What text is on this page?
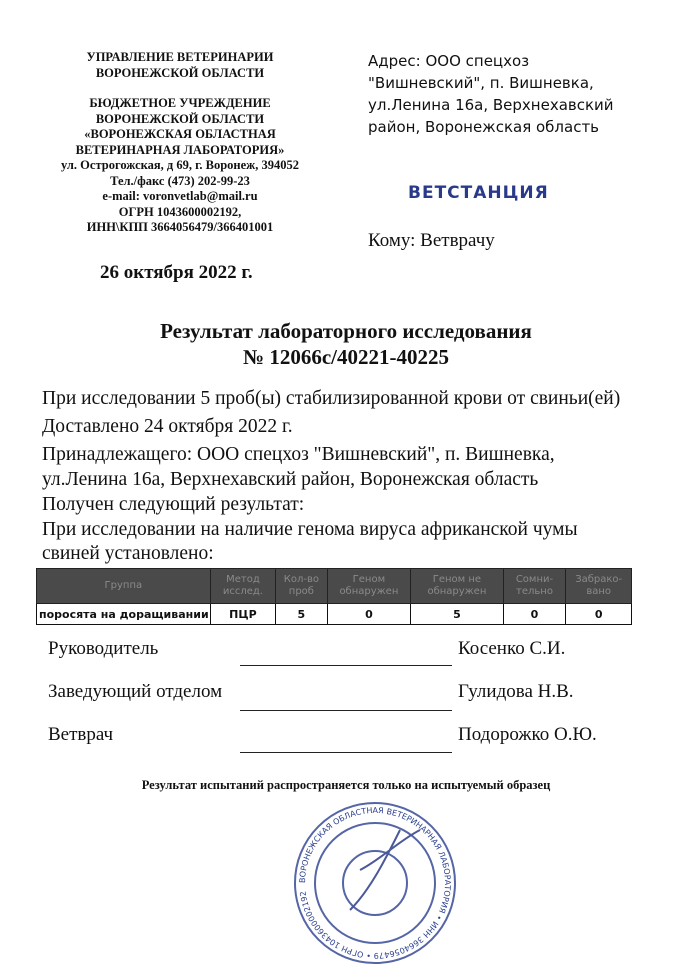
УПРАВЛЕНИЕ ВЕТЕРИНАРИИ
ВОРОНЕЖСКОЙ ОБЛАСТИ
БЮДЖЕТНОЕ УЧРЕЖДЕНИЕ
ВОРОНЕЖСКОЙ ОБЛАСТИ
«ВОРОНЕЖСКАЯ ОБЛАСТНАЯ
ВЕТЕРИНАРНАЯ ЛАБОРАТОРИЯ»
ул. Острогожская, д 69, г. Воронеж, 394052
Тел./факс (473) 202-99-23
e-mail: voronvetlab@mail.ru
ОГРН 1043600002192,
ИНН\КПП 3664056479/366401001
Адрес: ООО спецхоз
"Вишневский", п. Вишневка,
ул.Ленина 16а, Верхнехавский
район, Воронежская область
ВЕТСТАНЦИЯ
Кому: Ветврачу
26 октября 2022 г.
Результат лабораторного исследования
№ 12066с/40221-40225
При исследовании 5 проб(ы) стабилизированной крови от свиньи(ей)
Доставлено 24 октября 2022 г.
Принадлежащего: ООО спецхоз "Вишневский", п. Вишневка,
ул.Ленина 16а, Верхнехавский район, Воронежская область
Получен следующий результат:
При исследовании на наличие генома вируса африканской чумы
свиней установлено:
Группа	Метод исслед.	Кол-во проб	Геном обнаружен	Геном не обнаружен	Сомни-тельно	Забрако-вано
поросята на доращивании	ПЦР	5	0	5	0	0
Руководитель	Косенко С.И.
Заведующий отделом	Гулидова Н.В.
Ветврач	Подорожко О.Ю.
Результат испытаний распространяется только на испытуемый образец
ВОРОНЕЖСКАЯ ОБЛАСТНАЯ ВЕТЕРИНАРНАЯ ЛАБОРАТОРИЯ • ИНН 3664056479 • ОГРН 1043600002192
